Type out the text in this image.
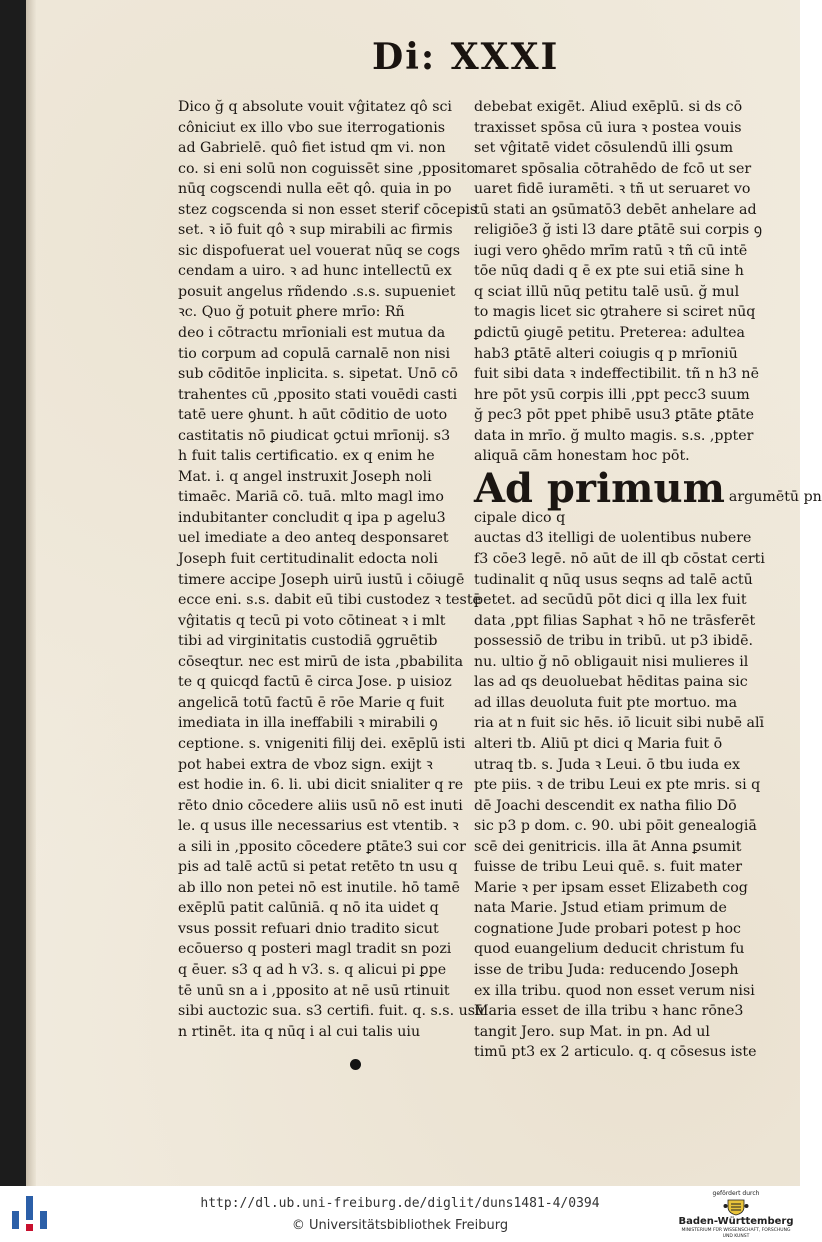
Di: XXXI
Dico ğ q absolute vouit vĝitatez qô sci
côniciut ex illo vbo sue iterrogationis
ad Gabrielē. quô fiet istud qm vi. non
co. si eni solū non coguissēt sine ,pposito
nūq cogscendi nulla eēt qô. quia in po
stez cogscenda si non esset sterif cōcepis
set. ꝛ iō fuit qô ꝛ sup mirabili ac firmis
sic dispofuerat uel vouerat nūq se cogs
cendam a uiro. ꝛ ad hunc intellectū ex
posuit angelus rñdendo .s.s. supueniet
ꝛc. Quo ğ potuit ꝑhere mrīo: Rñ
deo i cōtractu mrīoniali est mutua da
tio corpum ad copulā carnalē non nisi
sub cōditōe inplicita. s. sipetat. Unō cō
trahentes cū ,pposito stati vouēdi casti
tatē uere ꝯhunt. h aūt cōditio de uoto
castitatis nō ꝑiudicat ꝯctui mrīonij. s3
h fuit talis certificatio. ex q enim he
Mat. i. q angel instruxit Joseph noli
timaēc. Mariā cō. tuā. mlto magl imo
indubitanter concludit q ipa p agelu3
uel imediate a deo anteq desponsaret
Joseph fuit certitudinalit edocta noli
timere accipe Joseph uirū iustū i cōiugē
ecce eni. s.s. dabit eū tibi custodez ꝛ testē
vĝitatis q tecū pi voto cōtineat ꝛ i mlt
tibi ad virginitatis custodiā ꝯgruētib
cōseqtur. nec est mirū de ista ,pbabilita
te q quicqd factū ē circa Jose. p uisioz
angelicā totū factū ē rōe Marie q fuit
imediata in illa ineffabili ꝛ mirabili ꝯ
ceptione. s. vnigeniti filij dei. exēplū isti
pot habei extra de vboz sign. exijt ꝛ
est hodie in. 6. li. ubi dicit snialiter q re
rēto dnio cōcedere aliis usū nō est inuti
le. q usus ille necessarius est vtentib. ꝛ
a sili in ,pposito cōcedere ꝑtāte3 sui cor
pis ad talē actū si petat retēto tn usu q
ab illo non petei nō est inutile. hō tamē
exēplū patit calūniā. q nō ita uidet q
vsus possit refuari dnio tradito sicut
ecōuerso q posteri magl tradit sn pozi
q ēuer. s3 q ad h v3. s. q alicui pi ꝑpe
tē unū sn a i ,pposito at nē usū rtinuit
sibi auctozic sua. s3 certifi. fuit. q. s.s. usū
n rtinēt. ita q nūq i al cui talis uiu
debebat exigēt. Aliud exēplū. si ds cō
traxisset spōsa cū iura ꝛ postea vouis
set vĝitatē videt cōsulendū illi ꝯsum
maret spōsalia cōtrahēdo de fcō ut ser
uaret fidē iuramēti. ꝛ tñ ut seruaret vo
tū stati an ꝯsūmatō3 debēt anhelare ad
religiōe3 ğ isti l3 dare ꝑtātē sui corpis ꝯ
iugi vero ꝯhēdo mrīm ratū ꝛ tñ cū intē
tōe nūq dadi q ē ex pte sui etiā sine h
q sciat illū nūq petitu talē usū. ğ mul
to magis licet sic ꝯtrahere si sciret nūq
ꝑdictū ꝯiugē petitu. Preterea: adultea
hab3 ꝑtātē alteri coiugis q p mrīoniū
fuit sibi data ꝛ indeffectibilit. tñ n h3 nē
hre pōt ysū corpis illi ,ppt pecc3 suum
ğ pec3 pōt ppet phibē usu3 ꝑtāte ꝑtāte
data in mrīo. ğ multo magis. s.s. ,ppter
aliquā cām honestam hoc pōt.
Ad primum argumētū pn
cipale dico q
auctas d3 itelligi de uolentibus nubere
f3 cōe3 legē. nō aūt de ill qb cōstat certi
tudinalit q nūq usus seqns ad talē actū
petet. ad secūdū pōt dici q illa lex fuit
data ,ppt filias Saphat ꝛ hō ne trāsferēt
possessiō de tribu in tribū. ut p3 ibidē.
nu. ultio ğ nō obligauit nisi mulieres il
las ad qs deuoluebat hēditas paina sic
ad illas deuoluta fuit pte mortuo. ma
ria at n fuit sic hēs. iō licuit sibi nubē alī
alteri tb. Aliū pt dici q Maria fuit ō
utraq tb. s. Juda ꝛ Leui. ō tbu iuda ex
pte piis. ꝛ de tribu Leui ex pte mris. si q
dē Joachi descendit ex natha filio Dō
sic p3 p dom. c. 90. ubi pōit genealogiā
scē dei genitricis. illa āt Anna ꝑsumit
fuisse de tribu Leui quē. s. fuit mater
Marie ꝛ per ipsam esset Elizabeth cog
nata Marie. Jstud etiam primum de
cognatione Jude probari potest p hoc
quod euangelium deducit christum fu
isse de tribu Juda: reducendo Joseph
ex illa tribu. quod non esset verum nisi
Maria esset de illa tribu ꝛ hanc rōne3
tangit Jero. sup Mat. in pn. Ad ul
timū pt3 ex 2 articulo. q. q cōsesus iste
http://dl.ub.uni-freiburg.de/diglit/duns1481-4/0394
© Universitätsbibliothek Freiburg
gefördert durch
Baden-Württemberg
MINISTERIUM FÜR WISSENSCHAFT, FORSCHUNG UND KUNST
